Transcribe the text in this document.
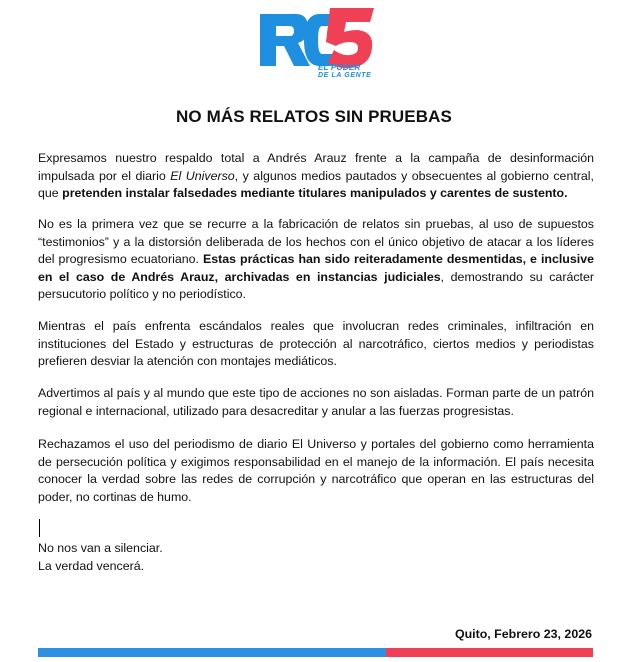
EL PODER
DE LA GENTE
NO MÁS RELATOS SIN PRUEBAS

Expresamos nuestro respaldo total a Andrés Arauz frente a la campaña de desinformación impulsada por el diario El Universo, y algunos medios pautados y obsecuentes al gobierno central, que pretenden instalar falsedades mediante titulares manipulados y carentes de sustento.

No es la primera vez que se recurre a la fabricación de relatos sin pruebas, al uso de supuestos “testimonios” y a la distorsión deliberada de los hechos con el único objetivo de atacar a los líderes del progresismo ecuatoriano. Estas prácticas han sido reiteradamente desmentidas, e inclusive en el caso de Andrés Arauz, archivadas en instancias judiciales, demostrando su carácter persucutorio político y no periodístico.

Mientras el país enfrenta escándalos reales que involucran redes criminales, infiltración en instituciones del Estado y estructuras de protección al narcotráfico, ciertos medios y periodistas prefieren desviar la atención con montajes mediáticos.

Advertimos al país y al mundo que este tipo de acciones no son aisladas. Forman parte de un patrón regional e internacional, utilizado para desacreditar y anular a las fuerzas progresistas.

Rechazamos el uso del periodismo de diario El Universo y portales del gobierno como herramienta de persecución política y exigimos responsabilidad en el manejo de la información. El país necesita conocer la verdad sobre las redes de corrupción y narcotráfico que operan en las estructuras del poder, no cortinas de humo.

No nos van a silenciar.
La verdad vencerá.
Quito, Febrero 23, 2026
